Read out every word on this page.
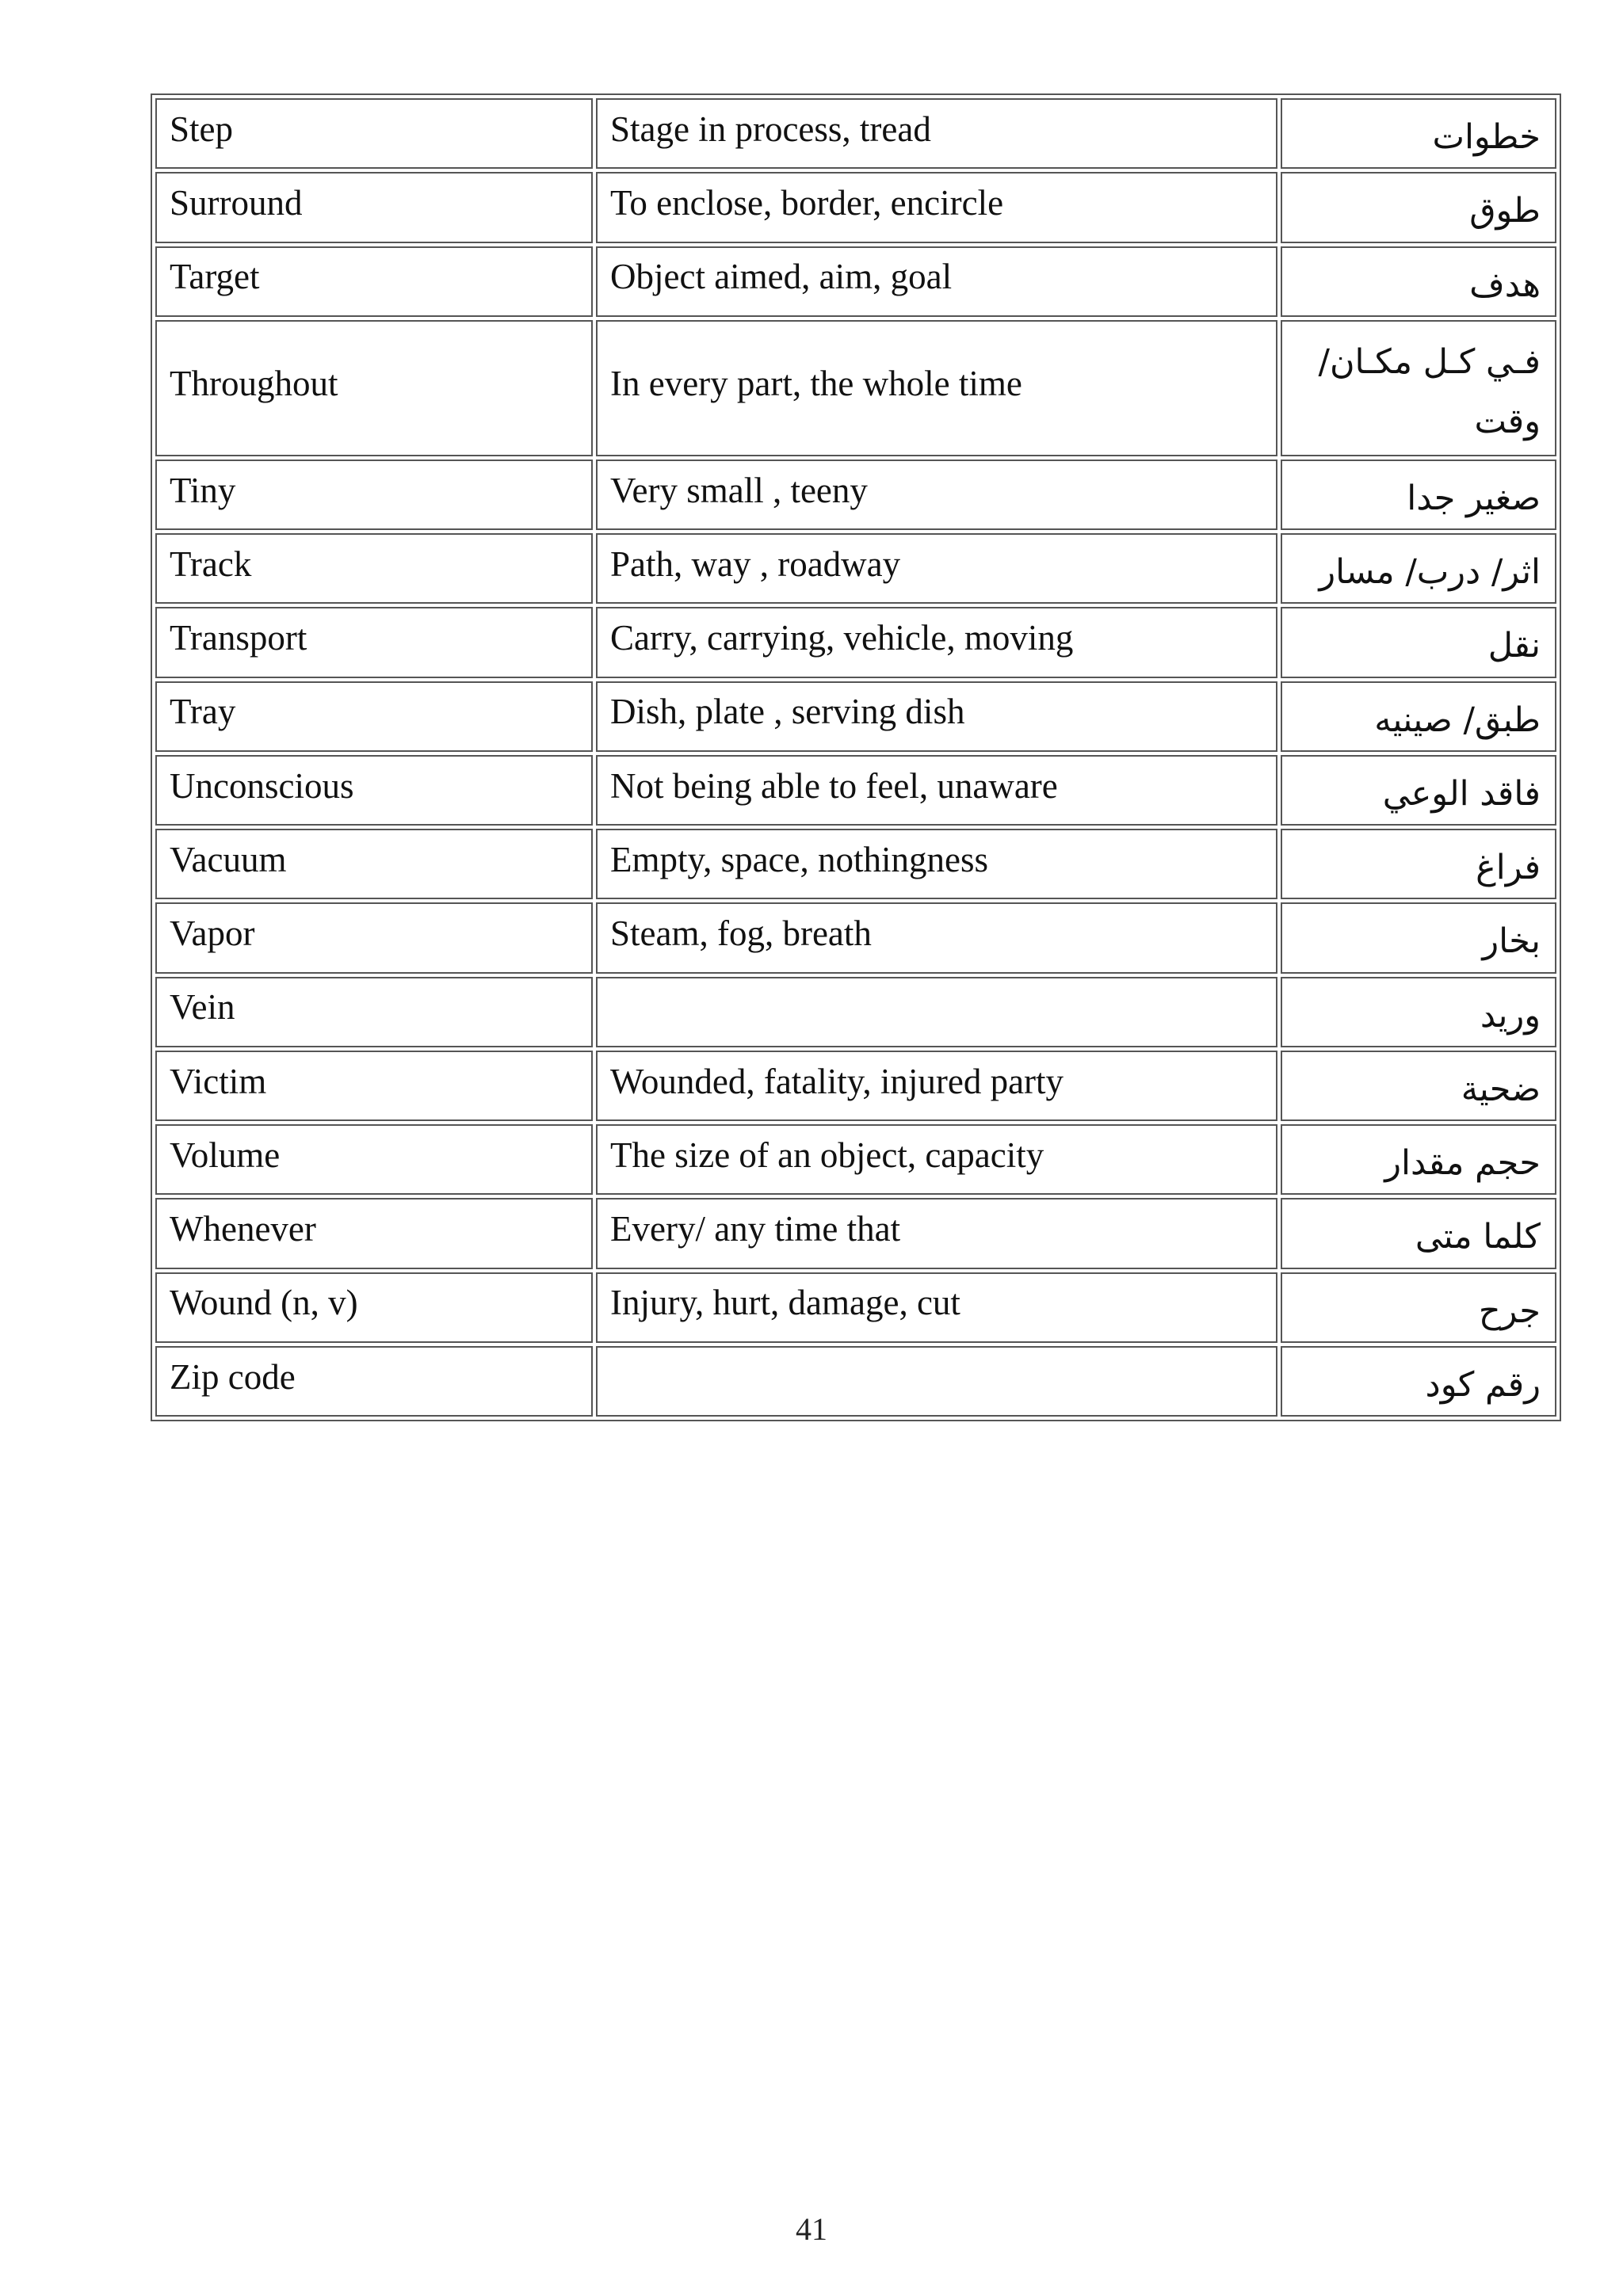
Step	Stage in process, tread	خطوات
Surround	To enclose, border, encircle	طوق
Target	Object aimed, aim, goal	هدف
Throughout	In every part, the whole time	فـي كـل مكـان/ وقت
Tiny	Very small , teeny	صغير جدا
Track	Path, way , roadway	اثر/ درب/ مسار
Transport	Carry, carrying, vehicle, moving	نقل
Tray	Dish, plate , serving dish	طبق/ صينيه
Unconscious	Not being able to feel, unaware	فاقد الوعي
Vacuum	Empty, space, nothingness	فراغ
Vapor	Steam, fog, breath	بخار
Vein		وريد
Victim	Wounded, fatality, injured party	ضحية
Volume	The size of an object, capacity	حجم مقدار
Whenever	Every/ any time that	كلما متى
Wound (n, v)	Injury, hurt, damage, cut	جرح
Zip code		رقم كود
41
